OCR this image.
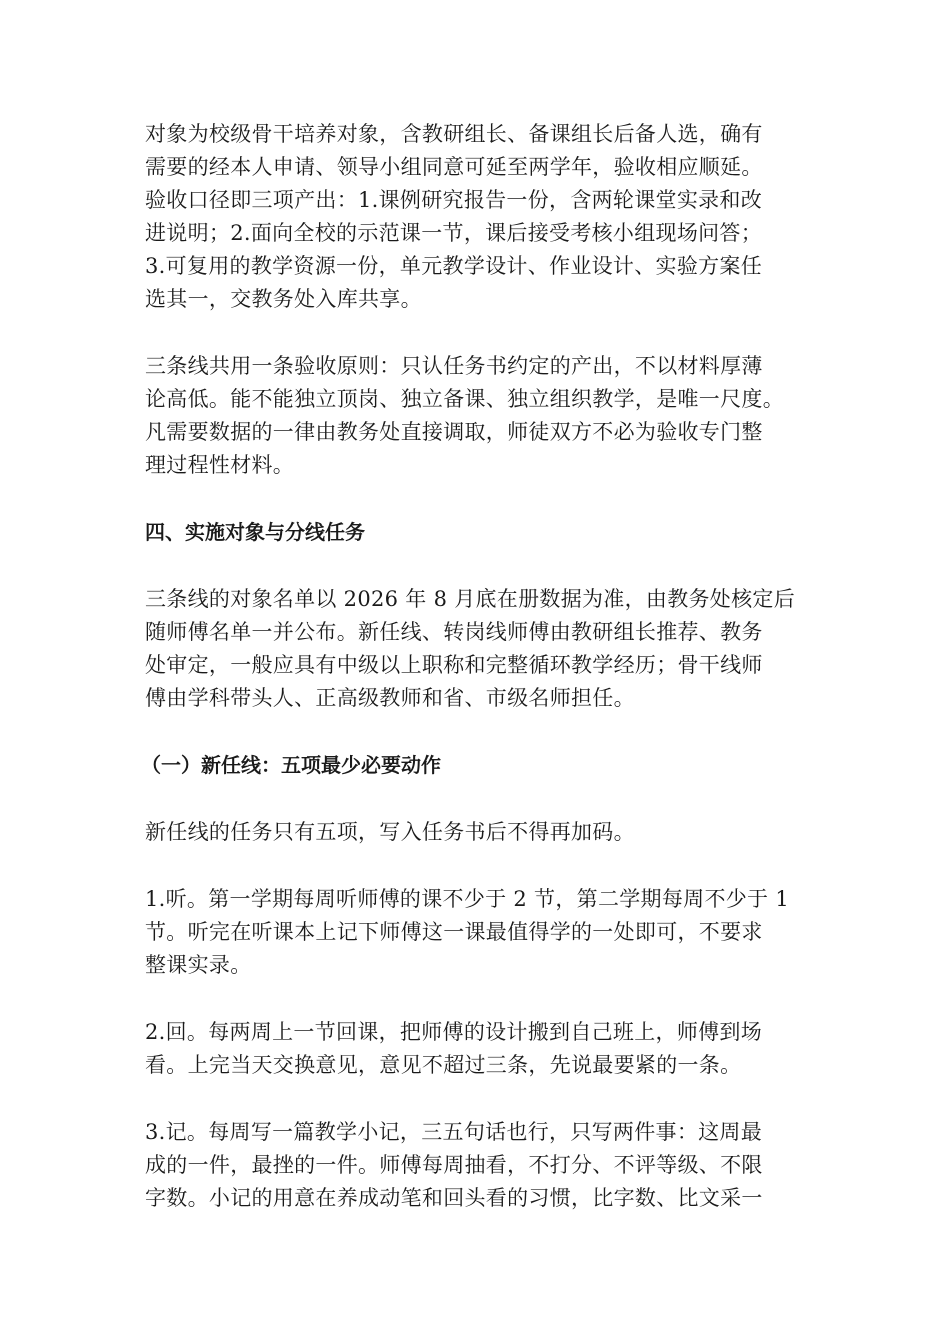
对象为校级骨干培养对象，含教研组长、备课组长后备人选，确有
需要的经本人申请、领导小组同意可延至两学年，验收相应顺延。
验收口径即三项产出：1.课例研究报告一份，含两轮课堂实录和改
进说明；2.面向全校的示范课一节，课后接受考核小组现场问答；
3.可复用的教学资源一份，单元教学设计、作业设计、实验方案任
选其一，交教务处入库共享。
三条线共用一条验收原则：只认任务书约定的产出，不以材料厚薄
论高低。能不能独立顶岗、独立备课、独立组织教学，是唯一尺度。
凡需要数据的一律由教务处直接调取，师徒双方不必为验收专门整
理过程性材料。
四、实施对象与分线任务
三条线的对象名单以 2026 年 8 月底在册数据为准，由教务处核定后
随师傅名单一并公布。新任线、转岗线师傅由教研组长推荐、教务
处审定，一般应具有中级以上职称和完整循环教学经历；骨干线师
傅由学科带头人、正高级教师和省、市级名师担任。
（一）新任线：五项最少必要动作
新任线的任务只有五项，写入任务书后不得再加码。
1.听。第一学期每周听师傅的课不少于 2 节，第二学期每周不少于 1
节。听完在听课本上记下师傅这一课最值得学的一处即可，不要求
整课实录。
2.回。每两周上一节回课，把师傅的设计搬到自己班上，师傅到场
看。上完当天交换意见，意见不超过三条，先说最要紧的一条。
3.记。每周写一篇教学小记，三五句话也行，只写两件事：这周最
成的一件，最挫的一件。师傅每周抽看，不打分、不评等级、不限
字数。小记的用意在养成动笔和回头看的习惯，比字数、比文采一
